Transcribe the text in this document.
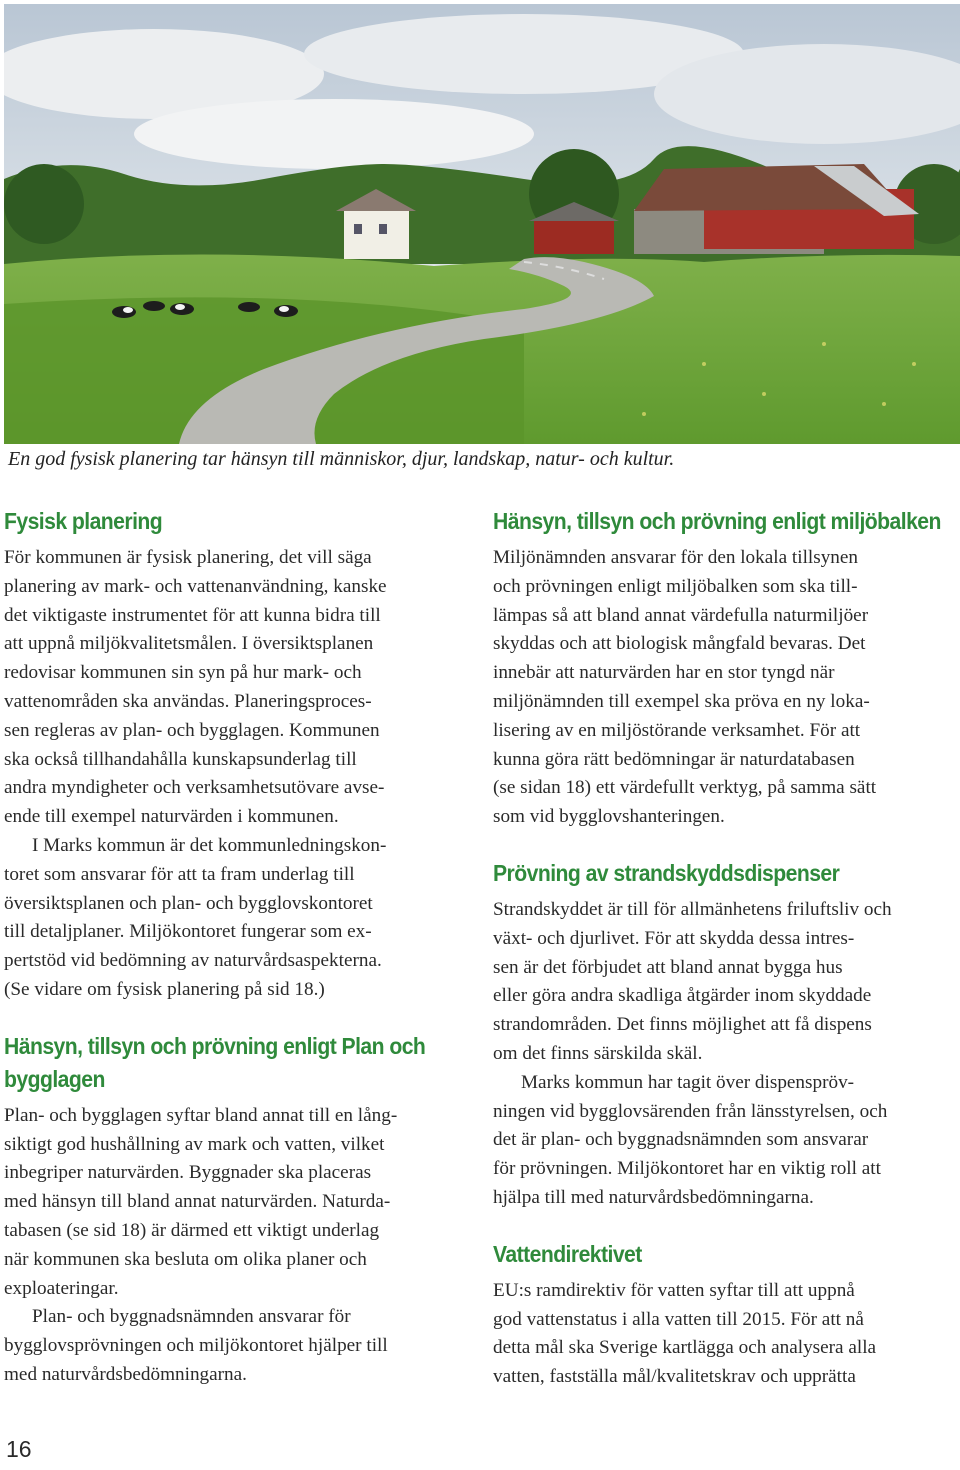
En god fysisk planering tar hänsyn till människor, djur, landskap, natur- och kultur.
Fysisk planering
För kommunen är fysisk planering, det vill säga
planering av mark- och vattenanvändning, kanske
det viktigaste instrumentet för att kunna bidra till
att uppnå miljökvalitetsmålen. I översiktsplanen
redovisar kommunen sin syn på hur mark- och
vattenområden ska användas. Planeringsproces-
sen regleras av plan- och bygglagen. Kommunen
ska också tillhandahålla kunskapsunderlag till
andra myndigheter och verksamhetsutövare avse-
ende till exempel naturvärden i kommunen.
I Marks kommun är det kommunledningskon-
toret som ansvarar för att ta fram underlag till
översiktsplanen och plan- och bygglovskontoret
till detaljplaner. Miljökontoret fungerar som ex-
pertstöd vid bedömning av naturvårdsaspekterna.
(Se vidare om fysisk planering på sid 18.)
Hänsyn, tillsyn och prövning enligt Plan och
bygglagen
Plan- och bygglagen syftar bland annat till en lång-
siktigt god hushållning av mark och vatten, vilket
inbegriper naturvärden. Byggnader ska placeras
med hänsyn till bland annat naturvärden. Naturda-
tabasen (se sid 18) är därmed ett viktigt underlag
när kommunen ska besluta om olika planer och
exploateringar.
Plan- och byggnadsnämnden ansvarar för
bygglovsprövningen och miljökontoret hjälper till
med naturvårdsbedömningarna.
Hänsyn, tillsyn och prövning enligt miljöbalken
Miljönämnden ansvarar för den lokala tillsynen
och prövningen enligt miljöbalken som ska till-
lämpas så att bland annat värdefulla naturmiljöer
skyddas och att biologisk mångfald bevaras. Det
innebär att naturvärden har en stor tyngd när
miljönämnden till exempel ska pröva en ny loka-
lisering av en miljöstörande verksamhet. För att
kunna göra rätt bedömningar är naturdatabasen
(se sidan 18) ett värdefullt verktyg, på samma sätt
som vid bygglovshanteringen.
Prövning av strandskyddsdispenser
Strandskyddet är till för allmänhetens friluftsliv och
växt- och djurlivet. För att skydda dessa intres-
sen är det förbjudet att bland annat bygga hus
eller göra andra skadliga åtgärder inom skyddade
strandområden. Det finns möjlighet att få dispens
om det finns särskilda skäl.
Marks kommun har tagit över dispenspröv-
ningen vid bygglovsärenden från länsstyrelsen, och
det är plan- och byggnadsnämnden som ansvarar
för prövningen. Miljökontoret har en viktig roll att
hjälpa till med naturvårdsbedömningarna.
Vattendirektivet
EU:s ramdirektiv för vatten syftar till att uppnå
god vattenstatus i alla vatten till 2015. För att nå
detta mål ska Sverige kartlägga och analysera alla
vatten, fastställa mål/kvalitetskrav och upprätta
16
